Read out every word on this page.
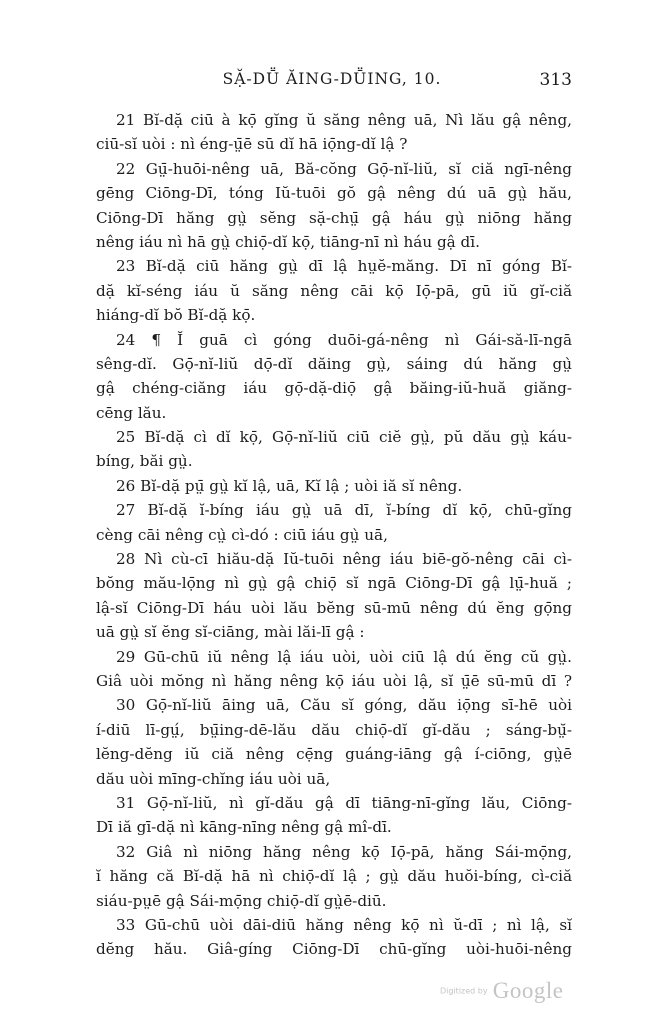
SẶ-DṺ ĂING-DṺING, 10.	313
21 Bĭ-dặ ciū à kọ̄ gĭng ŭ săng nêng uā, Nì lău gậ nêng,
ciū-sĭ uòi : nì éng-ṳ̄ē sū dĭ hā iọ̄ng-dĭ lậ ?
22 Gṳ̄-huōi-nêng uā, Bă-cŏng Gọ̄-nĭ-liŭ, sĭ ciă ngī-nêng
gēng Ciōng-Dī, tóng Iŭ-tuōi gŏ gậ nêng dú uā gṳ̀ hău,
Ciōng-Dī hăng gṳ̀ sĕng sặ-chṳ̄ gậ háu gṳ̀ niōng hăng
nêng iáu nì hā gṳ̀ chiọ̄-dĭ kọ̄, tiāng-nī nì háu gậ dī.
23 Bĭ-dặ ciū hăng gṳ̀ dī lậ hṳĕ-măng. Dī nī góng Bĭ-
dặ kĭ-séng iáu ŭ săng nêng cāi kọ̄ Iọ̄-pā, gū iŭ gĭ-ciă
hiáng-dĭ bŏ Bĭ-dặ kọ̄.
24 ¶ Ĭ guā cì góng duōi-gá-nêng nì Gái-să-lī-ngā
sêng-dĭ. Gọ̄-nĭ-liŭ dọ̄-dĭ dăing gṳ̀, sáing dú hăng gṳ̀
gậ chéng-ciăng iáu gọ̄-dặ-diọ̄ gậ băing-iŭ-huă giăng-
cēng lău.
25 Bĭ-dặ cì dĭ kọ̄, Gọ̄-nĭ-liŭ ciū ciĕ gṳ̀, pŭ dău gṳ̀ káu-
bíng, băi gṳ̀.
26 Bĭ-dặ pṳ̄ gṳ̀ kĭ lậ, uā, Kĭ lậ ; uòi iă sĭ nêng.
27 Bĭ-dặ ĭ-bíng iáu gṳ̀ uā dī, ĭ-bíng dĭ kọ̄, chū-gĭng
cèng cāi nêng cṳ̀ cì-dó : ciū iáu gṳ̀ uā,
28 Nì cù-cī hiău-dặ Iŭ-tuōi nêng iáu biē-gŏ-nêng cāi cì-
bŏng mău-lọ̄ng nì gṳ̀ gậ chiọ̄ sĭ ngā Ciōng-Dī gậ lṳ̄-huă ;
lậ-sĭ Ciōng-Dī háu uòi lău bĕng sū-mū nêng dú ĕng gọ̄ng
uā gṳ̀ sĭ ĕng sĭ-ciāng, mài lăi-lī gậ :
29 Gū-chū iŭ nêng lậ iáu uòi, uòi ciū lậ dú ĕng cŭ gṳ̀.
Giâ uòi mŏng nì hăng nêng kọ̄ iáu uòi lậ, sĭ ṳ̄ē sū-mū dī ?
30 Gọ̄-nĭ-liŭ āing uā, Cău sĭ góng, dău iọ̄ng sī-hē uòi
í-diū lī-gṳ́, bṳ̄ing-dē-lău dău chiọ̄-dĭ gĭ-dău ; sáng-bṳ̆-
lĕng-dĕng iŭ ciă nêng cẹ̄ng guáng-iāng gậ í-ciōng, gṳ̀ē
dău uòi mīng-chĭng iáu uòi uā,
31 Gọ̄-nĭ-liŭ, nì gĭ-dău gậ dī tiāng-nī-gĭng lău, Ciōng-
Dī iă gī-dặ nì kāng-nīng nêng gậ mî-dī.
32 Giâ nì niōng hăng nêng kọ̄ Iọ̄-pā, hăng Sái-mọ̄ng,
ĭ hăng că Bĭ-dặ hā nì chiọ̄-dĭ lậ ; gṳ̀ dău huŏi-bíng, cì-ciă
siáu-pṳē gậ Sái-mọ̄ng chiọ̄-dĭ gṳ̀ē-diū.
33 Gū-chū uòi dāi-diū hăng nêng kọ̄ nì ŭ-dī ; nì lậ, sĭ
dĕng hău. Giâ-gíng Ciōng-Dī chū-gĭng uòi-huōi-nêng
Digitized by Google
